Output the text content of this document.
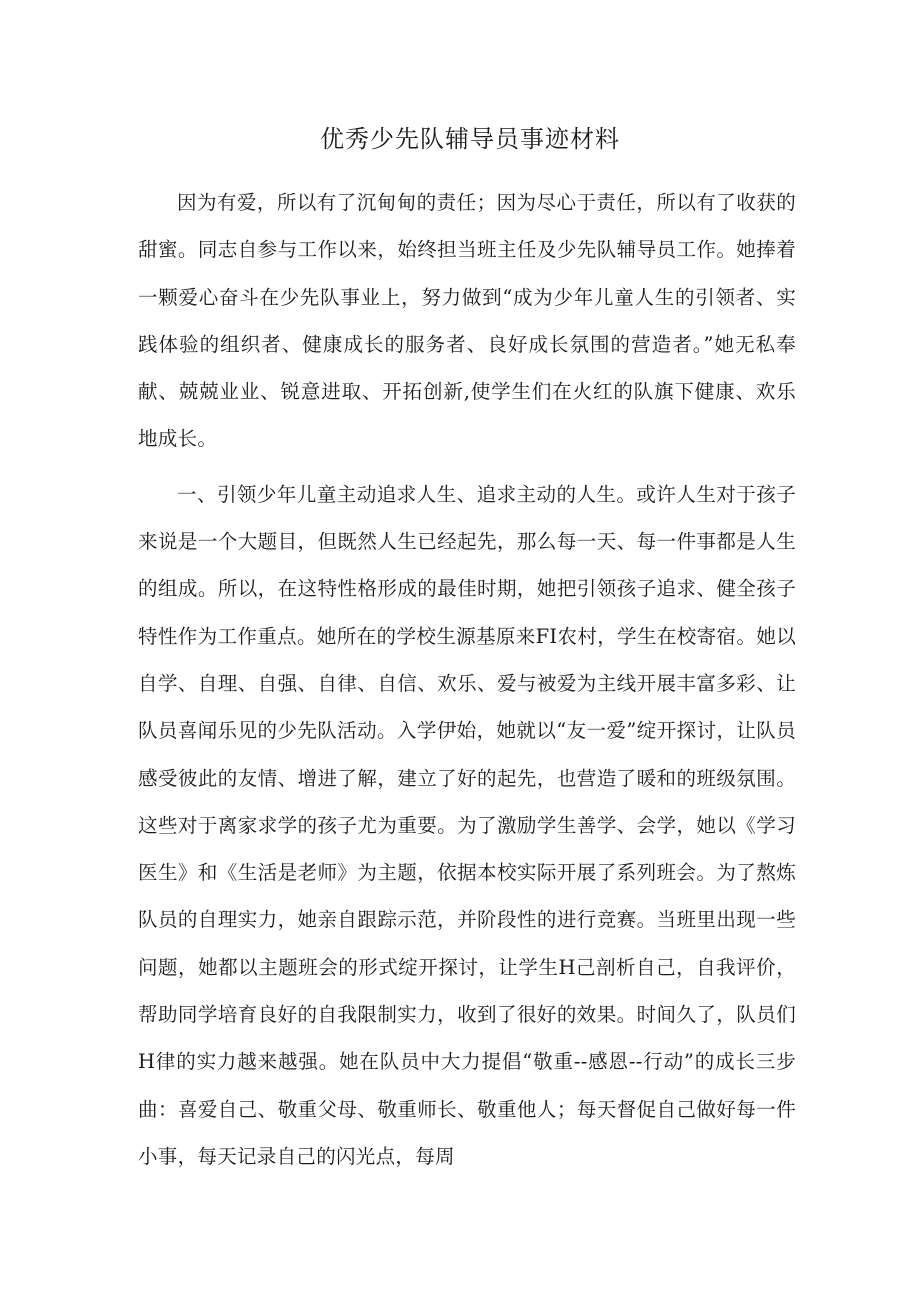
优秀少先队辅导员事迹材料

因为有爱，所以有了沉甸甸的责任；因为尽心于责任，所以有了收获的甜蜜。同志自参与工作以来，始终担当班主任及少先队辅导员工作。她捧着一颗爱心奋斗在少先队事业上，努力做到“成为少年儿童人生的引领者、实践体验的组织者、健康成长的服务者、良好成长氛围的营造者。”她无私奉献、兢兢业业、锐意进取、开拓创新,使学生们在火红的队旗下健康、欢乐地成长。

一、引领少年儿童主动追求人生、追求主动的人生。或许人生对于孩子来说是一个大题目，但既然人生已经起先，那么每一天、每一件事都是人生的组成。所以，在这特性格形成的最佳时期，她把引领孩子追求、健全孩子特性作为工作重点。她所在的学校生源基原来FI农村，学生在校寄宿。她以自学、自理、自强、自律、自信、欢乐、爱与被爱为主线开展丰富多彩、让队员喜闻乐见的少先队活动。入学伊始，她就以“友一爱”绽开探讨，让队员感受彼此的友情、增进了解，建立了好的起先，也营造了暖和的班级氛围。这些对于离家求学的孩子尤为重要。为了激励学生善学、会学，她以《学习医生》和《生活是老师》为主题，依据本校实际开展了系列班会。为了熬炼队员的自理实力，她亲自跟踪示范，并阶段性的进行竞赛。当班里出现一些问题，她都以主题班会的形式绽开探讨，让学生H己剖析自己，自我评价，帮助同学培育良好的自我限制实力，收到了很好的效果。时间久了，队员们H律的实力越来越强。她在队员中大力提倡“敬重--感恩--行动”的成长三步曲：喜爱自己、敬重父母、敬重师长、敬重他人；每天督促自己做好每一件小事，每天记录自己的闪光点，每周
